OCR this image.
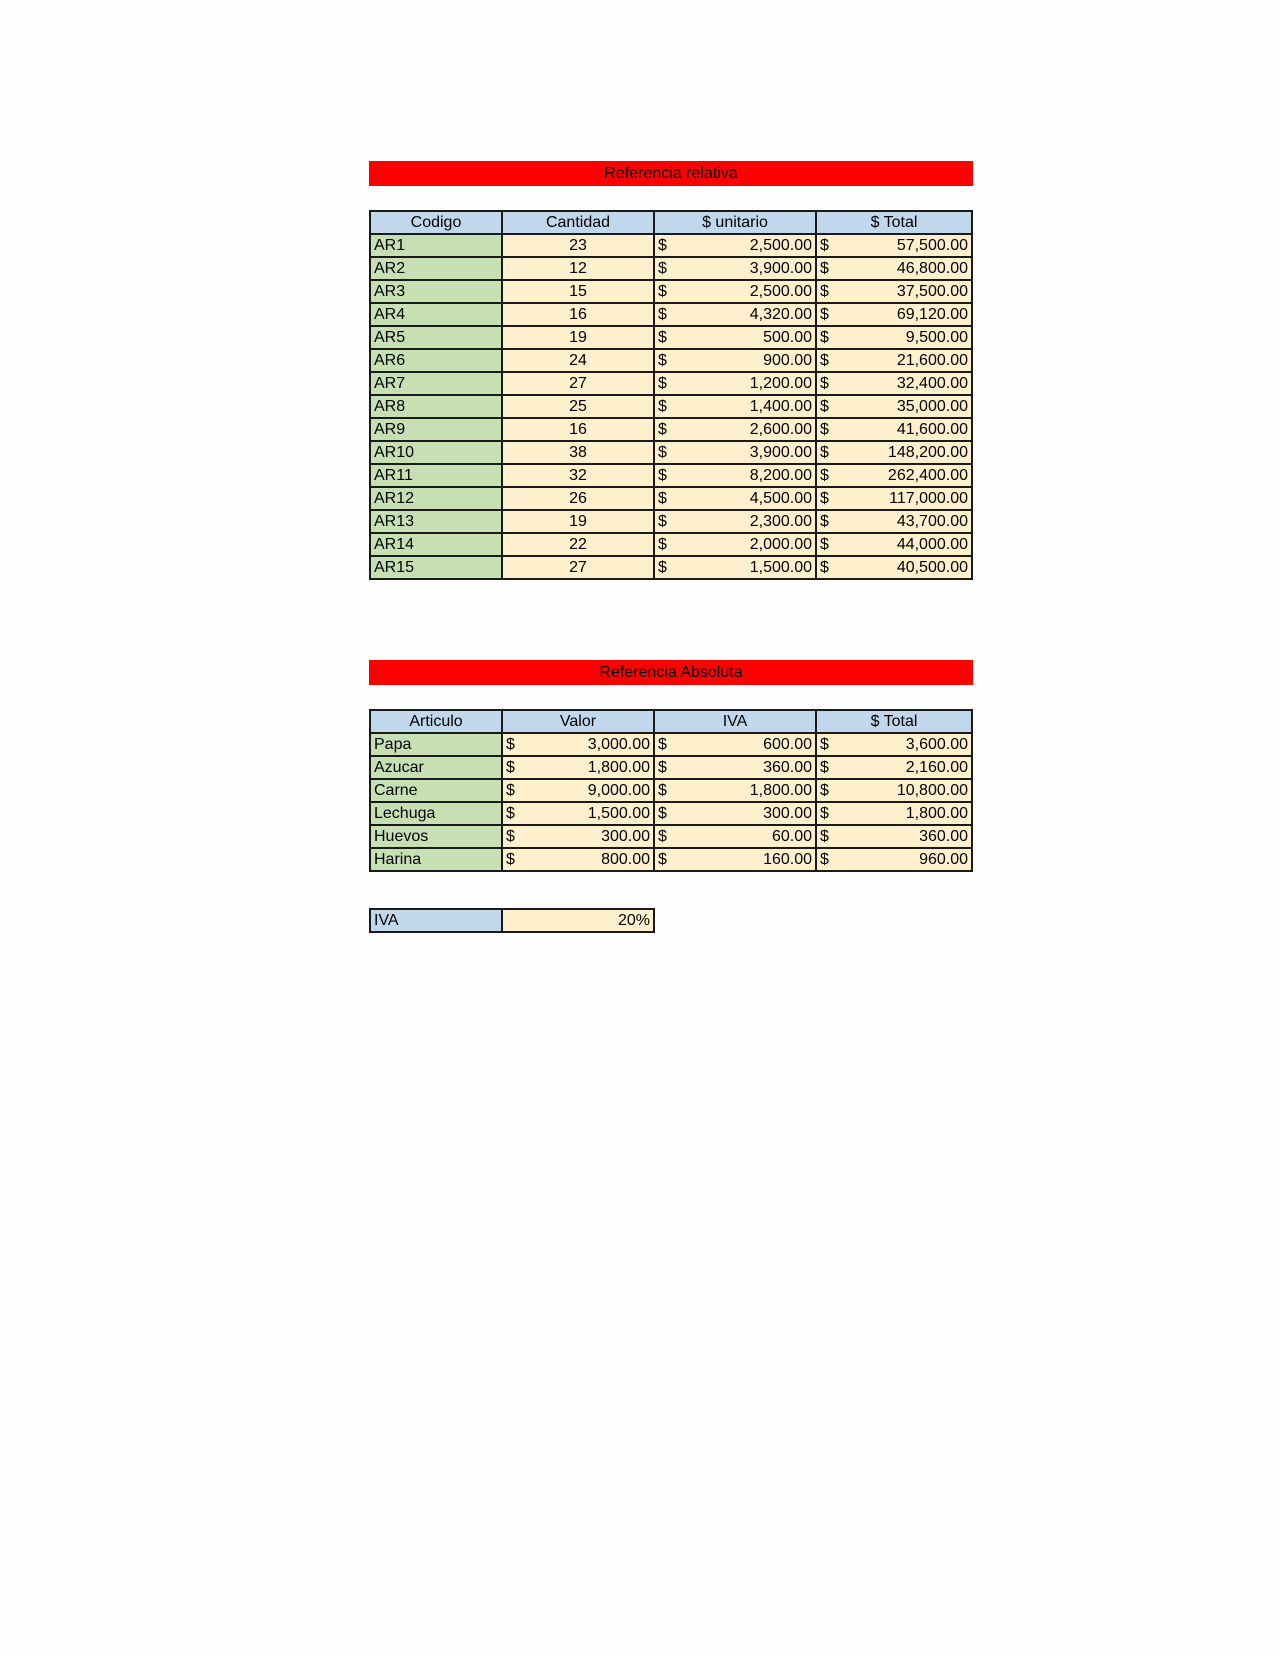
Referencia relativa
Codigo	Cantidad	$ unitario	$ Total
AR1	23	$ 2,500.00	$ 57,500.00

AR2	12	$ 3,900.00	$ 46,800.00

AR3	15	$ 2,500.00	$ 37,500.00

AR4	16	$ 4,320.00	$ 69,120.00

AR5	19	$ 500.00	$ 9,500.00

AR6	24	$ 900.00	$ 21,600.00

AR7	27	$ 1,200.00	$ 32,400.00

AR8	25	$ 1,400.00	$ 35,000.00

AR9	16	$ 2,600.00	$ 41,600.00

AR10	38	$ 3,900.00	$ 148,200.00

AR11	32	$ 8,200.00	$ 262,400.00

AR12	26	$ 4,500.00	$ 117,000.00

AR13	19	$ 2,300.00	$ 43,700.00

AR14	22	$ 2,000.00	$ 44,000.00

AR15	27	$ 1,500.00	$ 40,500.00
Referencia Absoluta
Articulo	Valor	IVA	$ Total
Papa	$ 3,000.00	$ 600.00	$ 3,600.00

Azucar	$ 1,800.00	$ 360.00	$ 2,160.00

Carne	$ 9,000.00	$ 1,800.00	$ 10,800.00

Lechuga	$ 1,500.00	$ 300.00	$ 1,800.00

Huevos	$ 300.00	$ 60.00	$ 360.00

Harina	$ 800.00	$ 160.00	$ 960.00
IVA	20%
